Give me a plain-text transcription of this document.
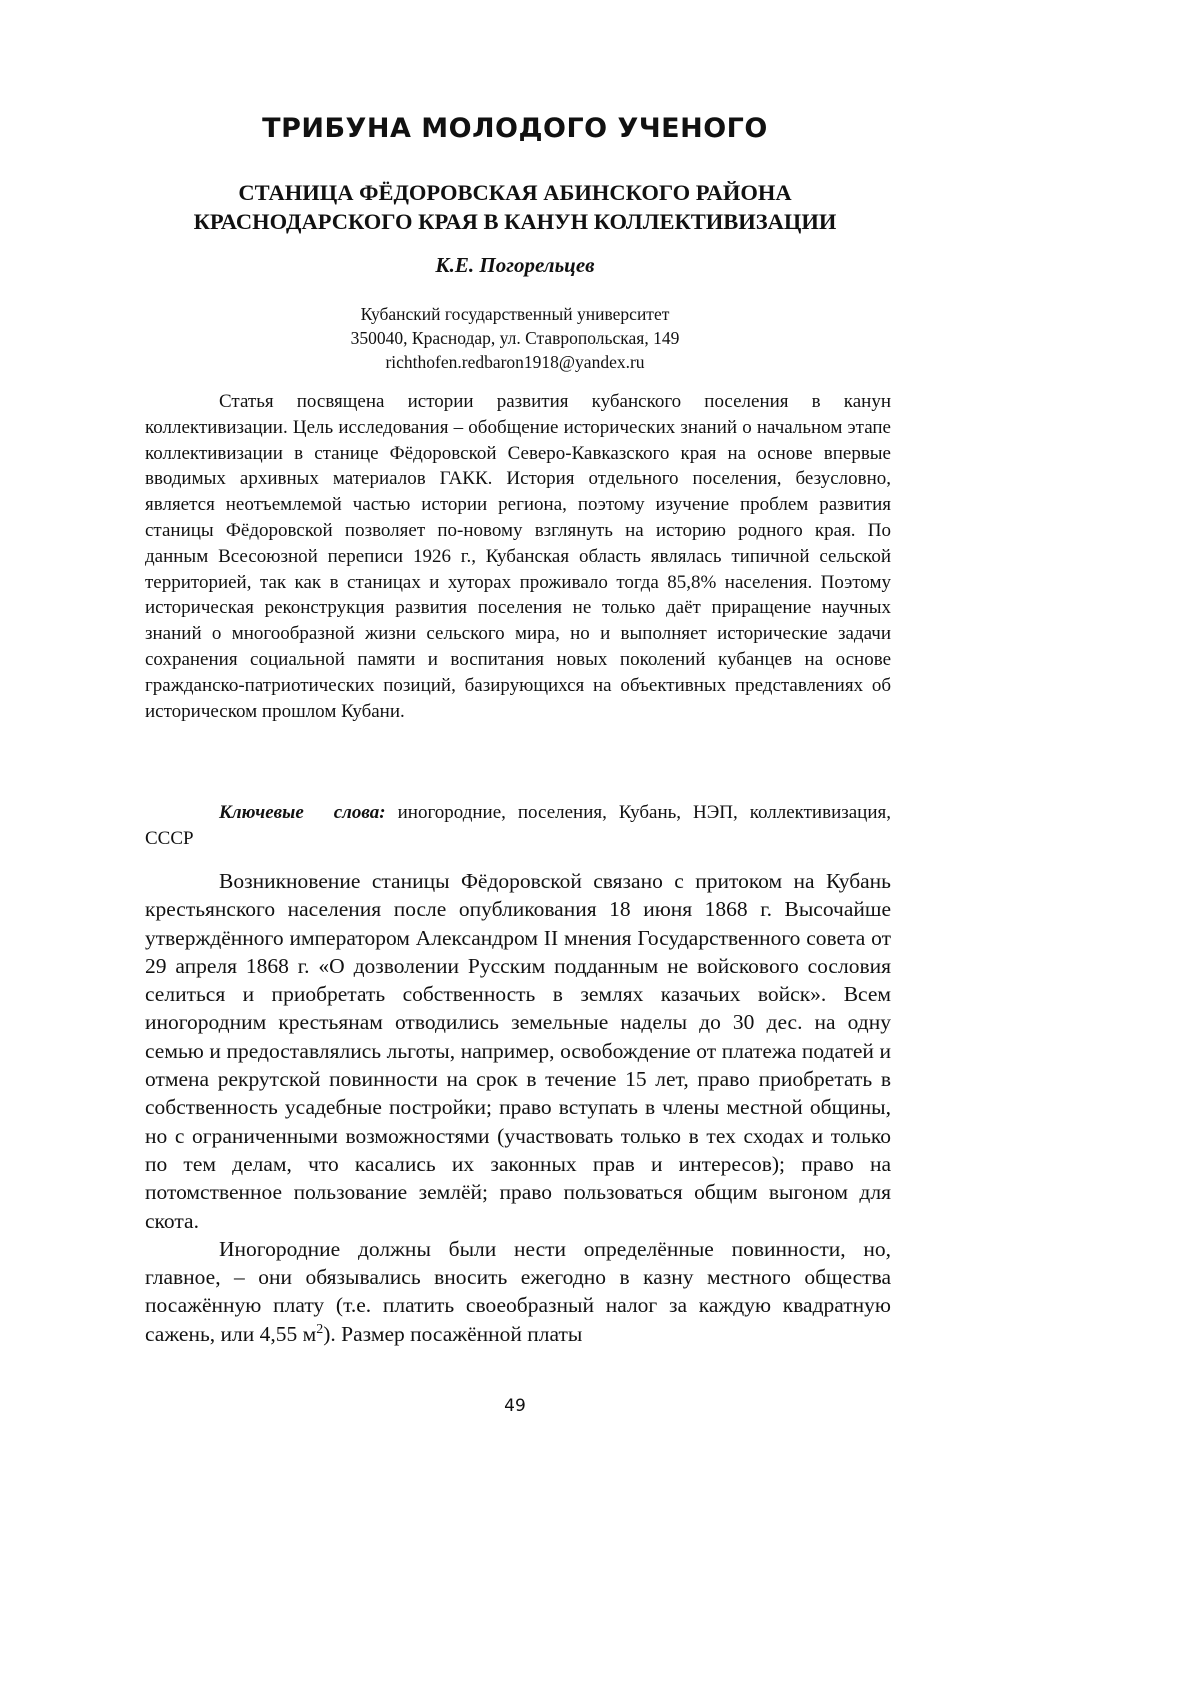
ТРИБУНА МОЛОДОГО УЧЕНОГО
СТАНИЦА ФЁДОРОВСКАЯ АБИНСКОГО РАЙОНА
КРАСНОДАРСКОГО КРАЯ В КАНУН КОЛЛЕКТИВИЗАЦИИ
К.Е. Погорельцев
Кубанский государственный университет
350040, Краснодар, ул. Ставропольская, 149
richthofen.redbaron1918@yandex.ru

Статья посвящена истории развития кубанского поселения в канун коллективизации. Цель исследования – обобщение исторических знаний о начальном этапе коллективизации в станице Фёдоровской Северо-Кавказского края на основе впервые вводимых архивных материалов ГАКК. История отдельного поселения, безусловно, является неотъемлемой частью истории региона, поэтому изучение проблем развития станицы Фёдоровской позволяет по-новому взглянуть на историю родного края. По данным Всесоюзной переписи 1926 г., Кубанская область являлась типичной сельской территорией, так как в станицах и хуторах проживало тогда 85,8% населения. Поэтому историческая реконструкция развития поселения не только даёт приращение научных знаний о многообразной жизни сельского мира, но и выполняет исторические задачи сохранения социальной памяти и воспитания новых поколений кубанцев на основе гражданско-патриотических позиций, базирующихся на объективных представлениях об историческом прошлом Кубани.

Ключевые слова: иногородние, поселения, Кубань, НЭП, коллективизация, СССР

Возникновение станицы Фёдоровской связано с притоком на Кубань крестьянского населения после опубликования 18 июня 1868 г. Высочайше утверждённого императором Александром II мнения Государственного совета от 29 апреля 1868 г. «О дозволении Русским подданным не войскового сословия селиться и приобретать собственность в землях казачьих войск». Всем иногородним крестьянам отводились земельные наделы до 30 дес. на одну семью и предоставлялись льготы, например, освобождение от платежа податей и отмена рекрутской повинности на срок в течение 15 лет, право приобретать в собственность усадебные постройки; право вступать в члены местной общины, но с ограниченными возможностями (участвовать только в тех сходах и только по тем делам, что касались их законных прав и интересов); право на потомственное пользование землёй; право пользоваться общим выгоном для скота.

Иногородние должны были нести определённые повинности, но, главное, – они обязывались вносить ежегодно в казну местного общества посажённую плату (т.е. платить своеобразный налог за каждую квадратную сажень, или 4,55 м2). Размер посажённой платы

49
